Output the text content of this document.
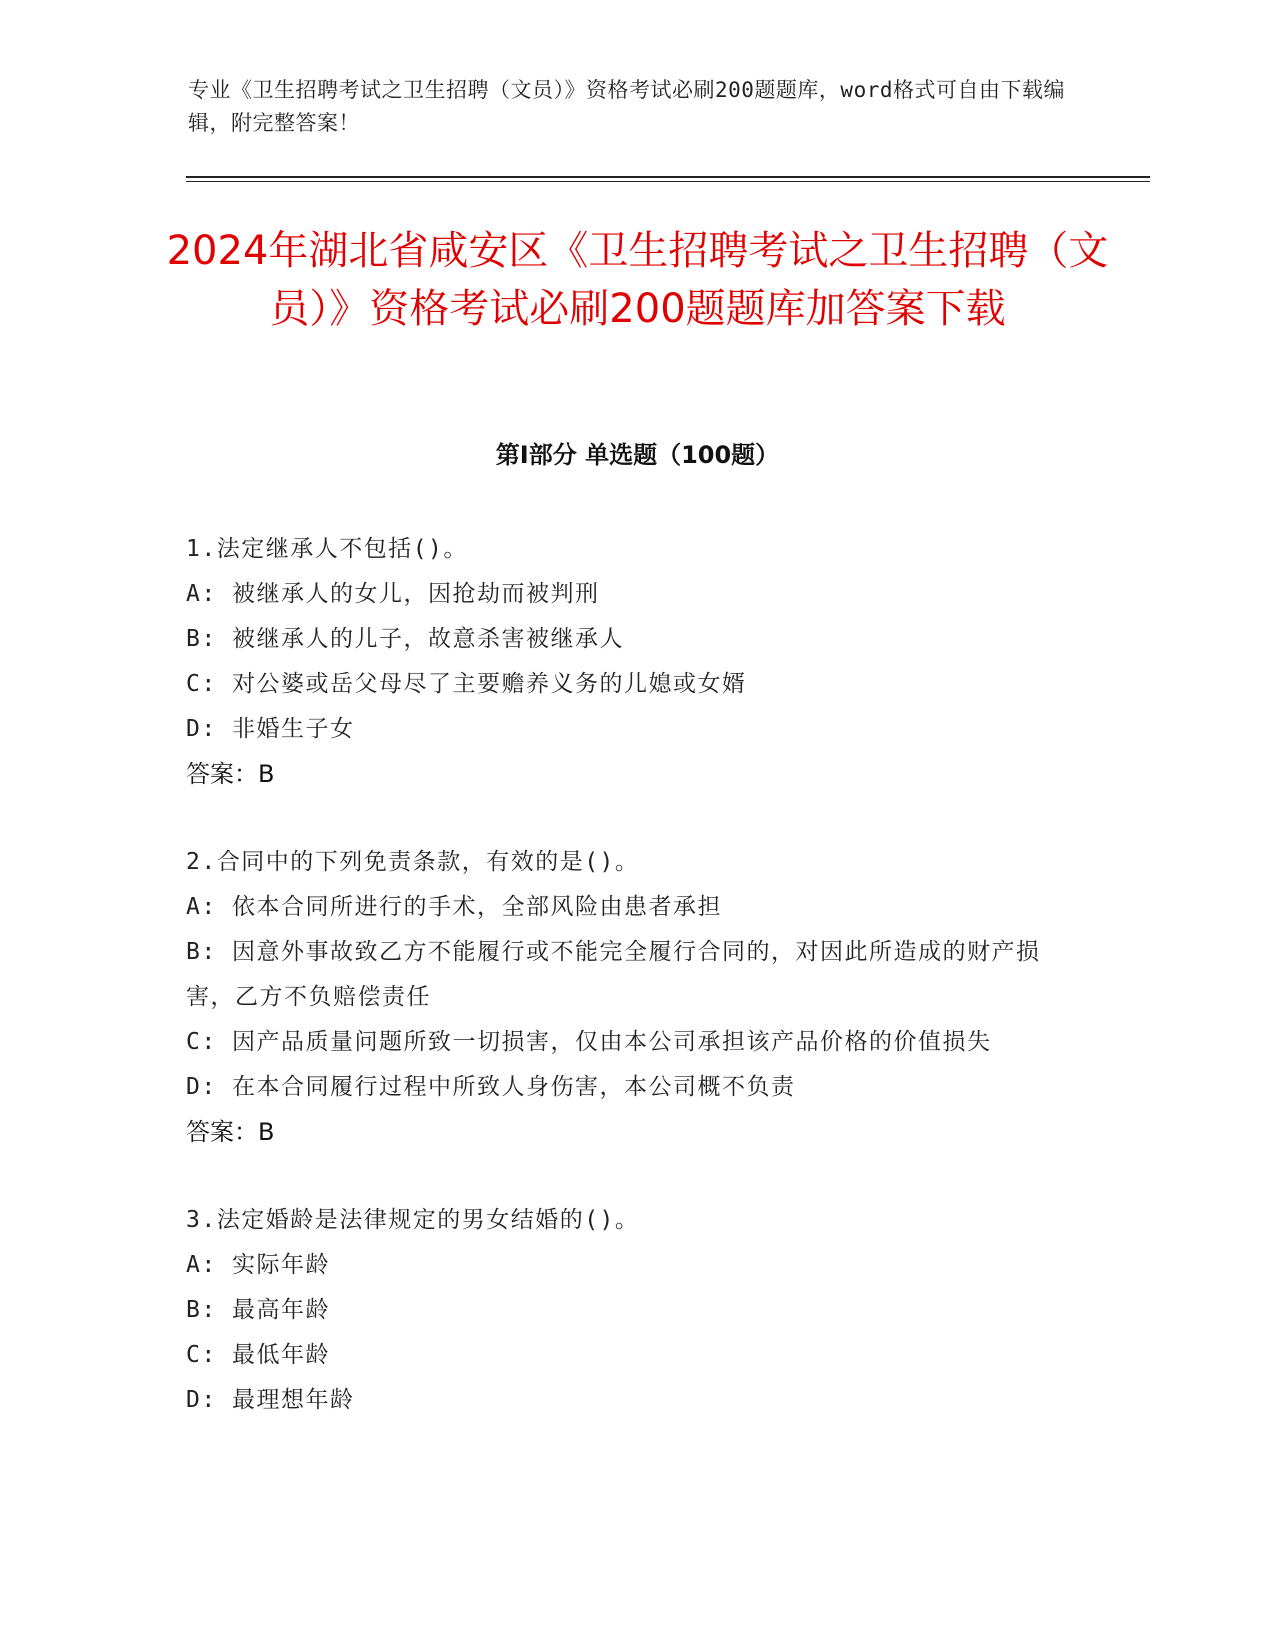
专业《卫生招聘考试之卫生招聘（文员）》资格考试必刷200题题库，word格式可自由下载编辑，附完整答案！
2024年湖北省咸安区《卫生招聘考试之卫生招聘（文员）》资格考试必刷200题题库加答案下载
第Ⅰ部分 单选题（100题）
1.法定继承人不包括()。
A: 被继承人的女儿，因抢劫而被判刑
B: 被继承人的儿子，故意杀害被继承人
C: 对公婆或岳父母尽了主要赡养义务的儿媳或女婿
D: 非婚生子女
答案：B
2.合同中的下列免责条款，有效的是()。
A: 依本合同所进行的手术，全部风险由患者承担
B: 因意外事故致乙方不能履行或不能完全履行合同的，对因此所造成的财产损害，乙方不负赔偿责任
C: 因产品质量问题所致一切损害，仅由本公司承担该产品价格的价值损失
D: 在本合同履行过程中所致人身伤害，本公司概不负责
答案：B
3.法定婚龄是法律规定的男女结婚的()。
A: 实际年龄
B: 最高年龄
C: 最低年龄
D: 最理想年龄
